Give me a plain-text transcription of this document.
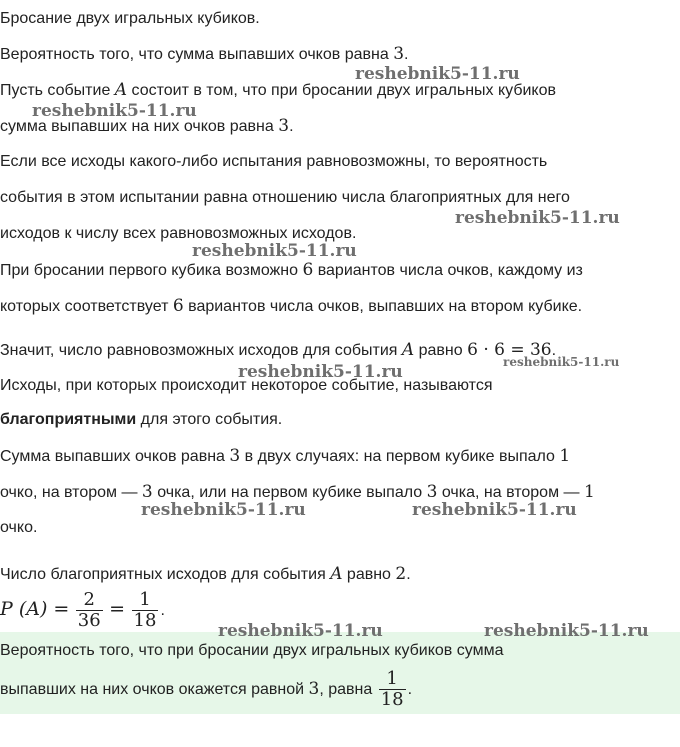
Бросание двух игральных кубиков.
Вероятность того, что сумма выпавших очков равна 3.
Пусть событие A состоит в том, что при бросании двух игральных кубиков
сумма выпавших на них очков равна 3.
Если все исходы какого-либо испытания равновозможны, то вероятность
события в этом испытании равна отношению числа благоприятных для него
исходов к числу всех равновозможных исходов.
При бросании первого кубика возможно 6 вариантов числа очков, каждому из
которых соответствует 6 вариантов числа очков, выпавших на втором кубике.
Значит, число равновозможных исходов для события A равно 6 · 6 = 36.
Исходы, при которых происходит некоторое событие, называются
благоприятными для этого события.
Сумма выпавших очков равна 3 в двух случаях: на первом кубике выпало 1
очко, на втором — 3 очка, или на первом кубике выпало 3 очка, на втором — 1
очко.
Число благоприятных исходов для события A равно 2.
P $(A) = \frac{2}{36} = \frac{1}{18}$ .
Вероятность того, что при бросании двух игральных кубиков сумма
выпавших на них очков окажется равной 3, равна $\frac{1}{18}$ .
reshebnik5-11.ru
reshebnik5-11.ru
reshebnik5-11.ru
reshebnik5-11.ru
reshebnik5-11.ru	reshebnik5-11.ru
reshebnik5-11.ru	reshebnik5-11.ru
reshebnik5-11.ru	reshebnik5-11.ru
